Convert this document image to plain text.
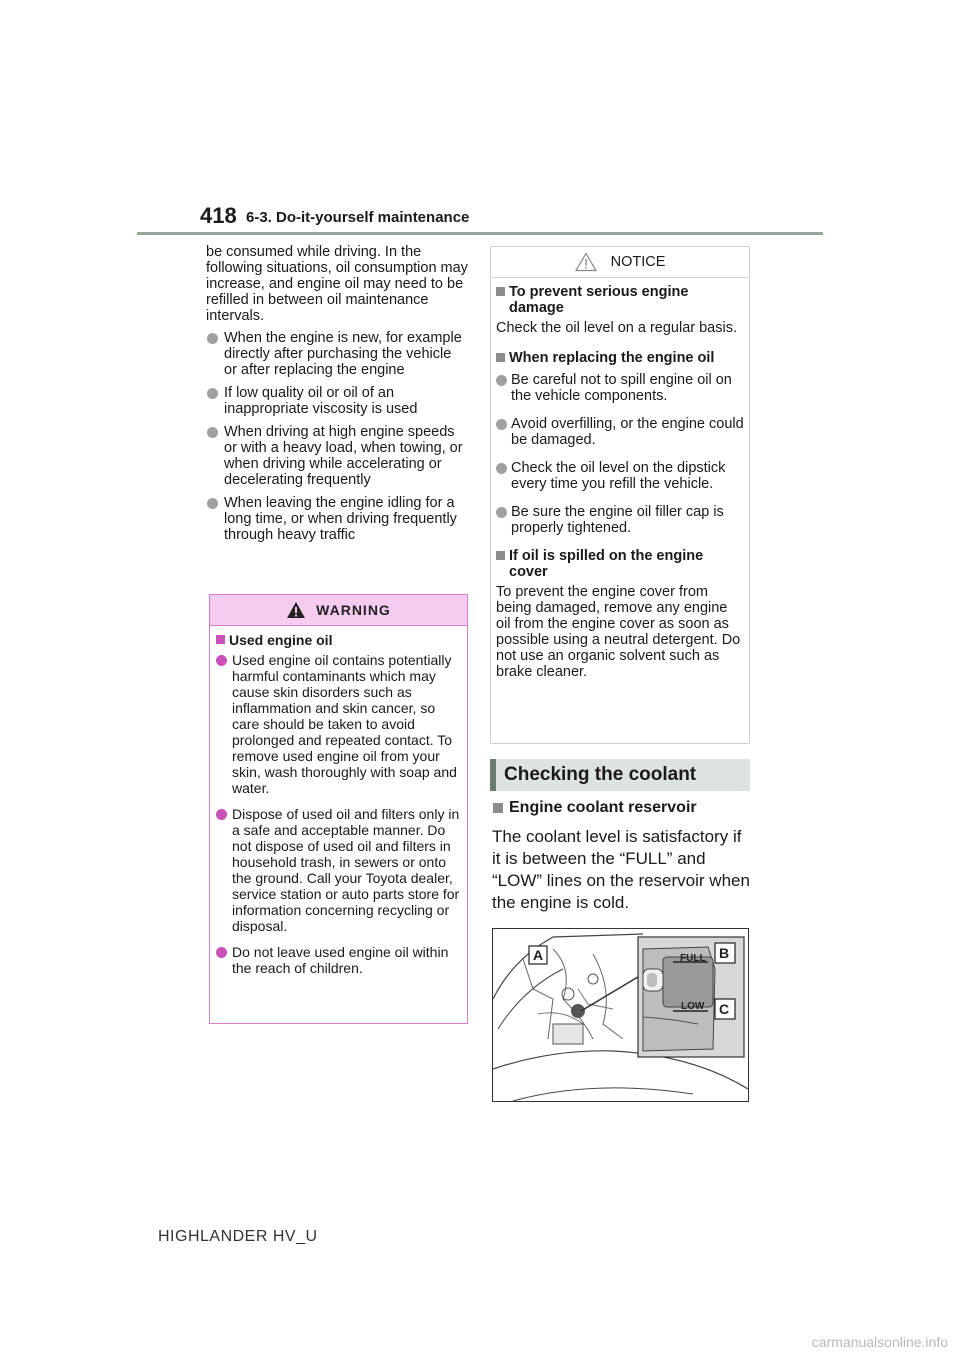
418 6-3. Do-it-yourself maintenance

be consumed while driving. In the following situations, oil consumption may increase, and engine oil may need to be refilled in between oil maintenance intervals.

When the engine is new, for example directly after purchasing the vehicle or after replacing the engine
If low quality oil or oil of an inappropriate viscosity is used
When driving at high engine speeds or with a heavy load, when towing, or when driving while accelerating or decelerating frequently
When leaving the engine idling for a long time, or when driving frequently through heavy traffic
WARNING
Used engine oil
Used engine oil contains potentially harmful contaminants which may cause skin disorders such as inflammation and skin cancer, so care should be taken to avoid prolonged and repeated contact. To remove used engine oil from your skin, wash thoroughly with soap and water.
Dispose of used oil and filters only in a safe and acceptable manner. Do not dispose of used oil and filters in household trash, in sewers or onto the ground. Call your Toyota dealer, service station or auto parts store for information concerning recycling or disposal.
Do not leave used engine oil within the reach of children.
NOTICE
To prevent serious engine damage

Check the oil level on a regular basis.

When replacing the engine oil
Be careful not to spill engine oil on the vehicle components.
Avoid overfilling, or the engine could be damaged.
Check the oil level on the dipstick every time you refill the vehicle.
Be sure the engine oil filler cap is properly tightened.
If oil is spilled on the engine cover

To prevent the engine cover from being damaged, remove any engine oil from the engine cover as soon as possible using a neutral detergent. Do not use an organic solvent such as brake cleaner.

Checking the coolant
Engine coolant reservoir
The coolant level is satisfactory if it is between the “FULL” and “LOW” lines on the reservoir when the engine is cold.
FULL
LOW
A	B
C
HIGHLANDER HV_U
carmanualsonline.info
